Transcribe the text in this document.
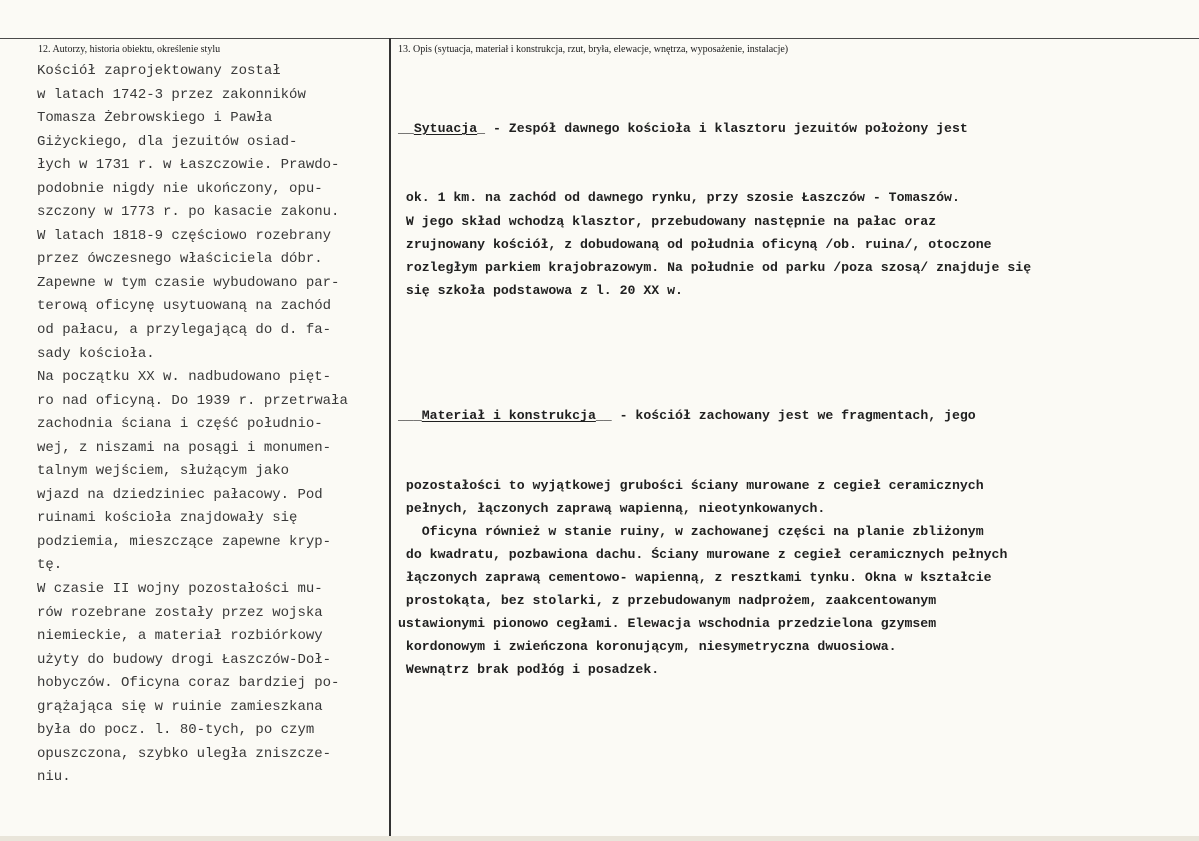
12. Autorzy, historia obiektu, określenie stylu	13. Opis (sytuacja, materiał i konstrukcja, rzut, bryła, elewacje, wnętrza, wyposażenie, instalacje)
Kościół zaprojektowany został
w latach 1742-3 przez zakonników
Tomasza Żebrowskiego i Pawła
Giżyckiego, dla jezuitów osiad-
łych w 1731 r. w Łaszczowie. Prawdo-
podobnie nigdy nie ukończony, opu-
szczony w 1773 r. po kasacie zakonu.
W latach 1818-9 częściowo rozebrany
przez ówczesnego właściciela dóbr.
Zapewne w tym czasie wybudowano par-
terową oficynę usytuowaną na zachód
od pałacu, a przylegającą do d. fa-
sady kościoła.
Na początku XX w. nadbudowano pięt-
ro nad oficyną. Do 1939 r. przetrwała
zachodnia ściana i część południo-
wej, z niszami na posągi i monumen-
talnym wejściem, służącym jako
wjazd na dziedziniec pałacowy. Pod
ruinami kościoła znajdowały się
podziemia, mieszczące zapewne kryp-
tę.
W czasie II wojny pozostałości mu-
rów rozebrane zostały przez wojska
niemieckie, a materiał rozbiórkowy
użyty do budowy drogi Łaszczów-Doł-
hobyczów. Oficyna coraz bardziej po-
grążająca się w ruinie zamieszkana
była do pocz. l. 80-tych, po czym
opuszczona, szybko uległa zniszcze-
niu.

__Sytuacja_ - Zespół dawnego kościoła i klasztoru jezuitów położony jest

ok. 1 km. na zachód od dawnego rynku, przy szosie Łaszczów - Tomaszów.
W jego skład wchodzą klasztor, przebudowany następnie na pałac oraz
zrujnowany kościół, z dobudowaną od południa oficyną /ob. ruina/, otoczone
rozległym parkiem krajobrazowym. Na południe od parku /poza szosą/ znajduje się
się szkoła podstawowa z l. 20 XX w.

___Materiał i konstrukcja__ - kościół zachowany jest we fragmentach, jego

pozostałości to wyjątkowej grubości ściany murowane z cegieł ceramicznych
pełnych, łączonych zaprawą wapienną, nieotynkowanych.
Oficyna również w stanie ruiny, w zachowanej części na planie zbliżonym
do kwadratu, pozbawiona dachu. Ściany murowane z cegieł ceramicznych pełnych
łączonych zaprawą cementowo- wapienną, z resztkami tynku. Okna w kształcie
prostokąta, bez stolarki, z przebudowanym nadprożem, zaakcentowanym
ustawionymi pionowo cegłami. Elewacja wschodnia przedzielona gzymsem
kordonowym i zwieńczona koronującym, niesymetryczna dwuosiowa.
Wewnątrz brak podłóg i posadzek.
